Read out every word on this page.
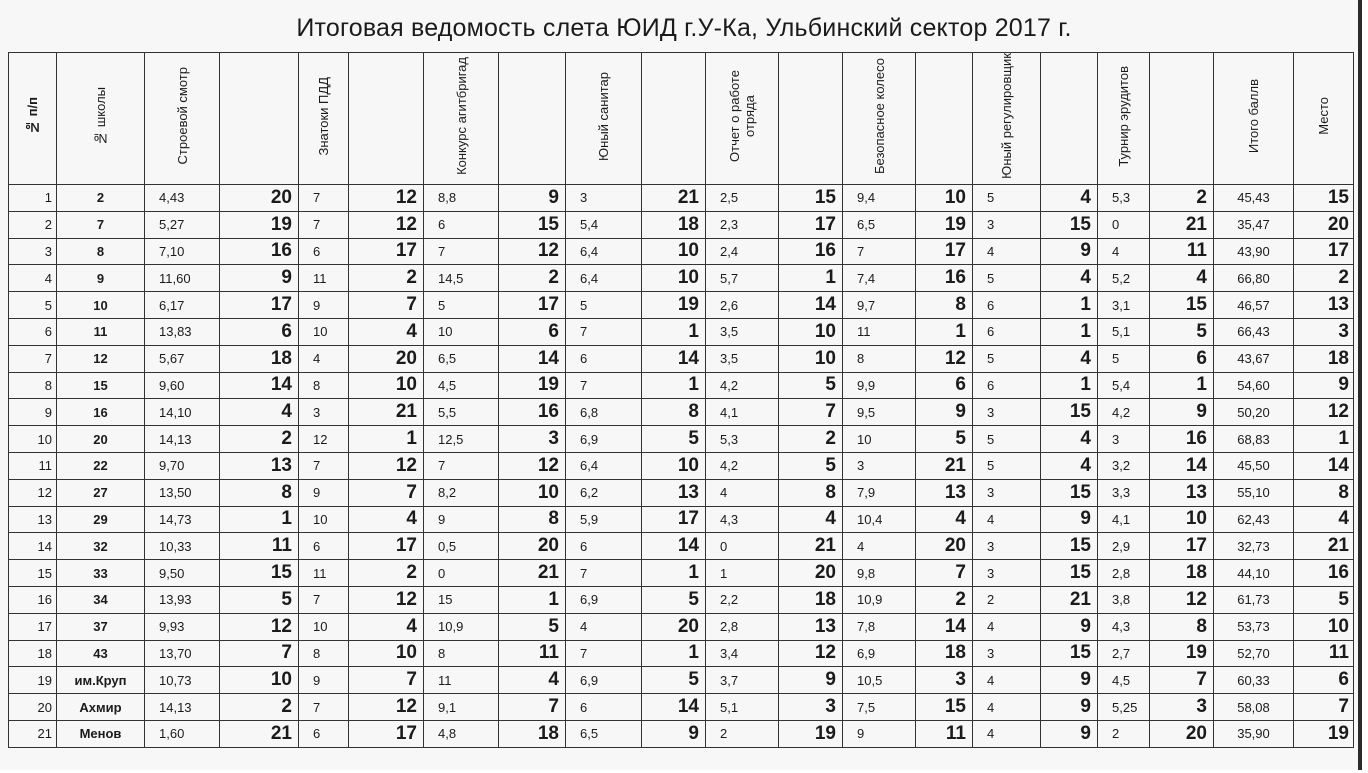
Итоговая ведомость слета ЮИД г.У-Ка, Ульбинский сектор 2017 г.
№ п/п	№ школы	Строевой смотр		Знатоки ПДД		Конкурс агитбригад		Юный санитар		Отчет о работе отряда		Безопасное колесо		Юный регулировщик		Турнир эрудитов		Итого баллв	Место
1	2	4,43	20	7	12	8,8	9	3	21	2,5	15	9,4	10	5	4	5,3	2	45,43	15
2	7	5,27	19	7	12	6	15	5,4	18	2,3	17	6,5	19	3	15	0	21	35,47	20
3	8	7,10	16	6	17	7	12	6,4	10	2,4	16	7	17	4	9	4	11	43,90	17
4	9	11,60	9	11	2	14,5	2	6,4	10	5,7	1	7,4	16	5	4	5,2	4	66,80	2
5	10	6,17	17	9	7	5	17	5	19	2,6	14	9,7	8	6	1	3,1	15	46,57	13
6	11	13,83	6	10	4	10	6	7	1	3,5	10	11	1	6	1	5,1	5	66,43	3
7	12	5,67	18	4	20	6,5	14	6	14	3,5	10	8	12	5	4	5	6	43,67	18
8	15	9,60	14	8	10	4,5	19	7	1	4,2	5	9,9	6	6	1	5,4	1	54,60	9
9	16	14,10	4	3	21	5,5	16	6,8	8	4,1	7	9,5	9	3	15	4,2	9	50,20	12
10	20	14,13	2	12	1	12,5	3	6,9	5	5,3	2	10	5	5	4	3	16	68,83	1
11	22	9,70	13	7	12	7	12	6,4	10	4,2	5	3	21	5	4	3,2	14	45,50	14
12	27	13,50	8	9	7	8,2	10	6,2	13	4	8	7,9	13	3	15	3,3	13	55,10	8
13	29	14,73	1	10	4	9	8	5,9	17	4,3	4	10,4	4	4	9	4,1	10	62,43	4
14	32	10,33	11	6	17	0,5	20	6	14	0	21	4	20	3	15	2,9	17	32,73	21
15	33	9,50	15	11	2	0	21	7	1	1	20	9,8	7	3	15	2,8	18	44,10	16
16	34	13,93	5	7	12	15	1	6,9	5	2,2	18	10,9	2	2	21	3,8	12	61,73	5
17	37	9,93	12	10	4	10,9	5	4	20	2,8	13	7,8	14	4	9	4,3	8	53,73	10
18	43	13,70	7	8	10	8	11	7	1	3,4	12	6,9	18	3	15	2,7	19	52,70	11
19	им.Круп	10,73	10	9	7	11	4	6,9	5	3,7	9	10,5	3	4	9	4,5	7	60,33	6
20	Ахмир	14,13	2	7	12	9,1	7	6	14	5,1	3	7,5	15	4	9	5,25	3	58,08	7
21	Менов	1,60	21	6	17	4,8	18	6,5	9	2	19	9	11	4	9	2	20	35,90	19
